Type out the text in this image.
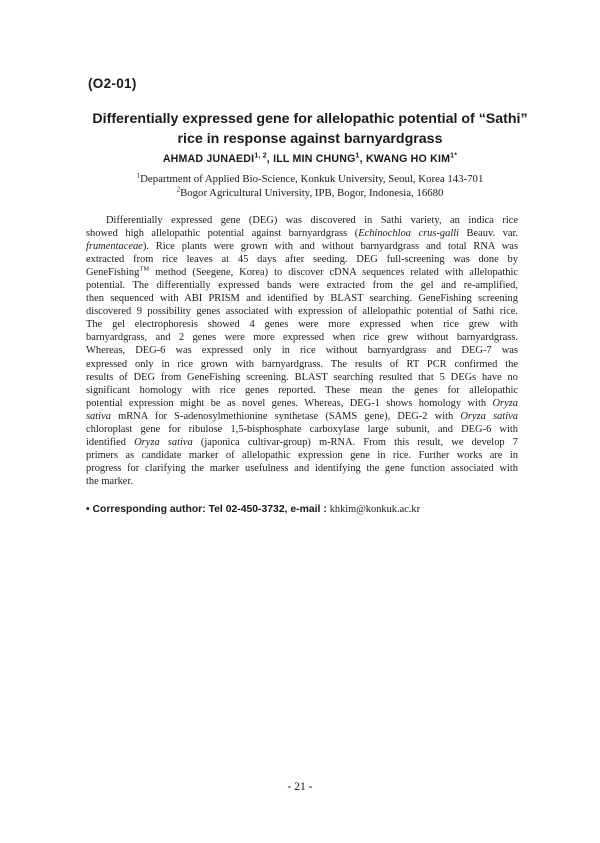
(O2-01)
Differentially expressed gene for allelopathic potential of “Sathi”
rice in response against barnyardgrass
AHMAD JUNAEDI$^{1, 2}$, ILL MIN CHUNG$^1$, KWANG HO $KIM^{1*}$
$^1$Department of Applied Bio-Science, Konkuk University, Seoul, Korea 143-701
$^2$Bogor Agricultural University, IPB, Bogor, Indonesia, 16680
Differentially expressed gene (DEG) was discovered in Sathi variety, an indica rice
showed high allelopathic potential against barnyardgrass (Echinochloa crus-galli Beauv. var.
frumentaceae). Rice plants were grown with and without barnyardgrass and total RNA was
extracted from rice leaves at 45 days after seeding. DEG full-screening was done by
GeneFishing™ method (Seegene, Korea) to discover cDNA sequences related with allelopathic
potential. The differentially expressed bands were extracted from the gel and re-amplified,
then sequenced with ABI PRISM and identified by BLAST searching. GeneFishing screening
discovered 9 possibility genes associated with expression of allelopathic potential of Sathi rice.
The gel electrophoresis showed 4 genes were more expressed when rice grew with
barnyardgrass, and 2 genes were more expressed when rice grew without barnyardgrass.
Whereas, DEG-6 was expressed only in rice without barnyardgrass and DEG-7 was
expressed only in rice grown with barnyardgrass. The results of RT PCR confirmed the
results of DEG from GeneFishing screening. BLAST searching resulted that 5 DEGs have no
significant homology with rice genes reported. These mean the genes for allelopathic
potential expression might be as novel genes. Whereas, DEG-1 shows homology with Oryza
sativa mRNA for S-adenosylmethionine synthetase (SAMS gene), DEG-2 with Oryza sativa
chloroplast gene for ribulose 1,5-bisphosphate carboxylase large subunit, and DEG-6 with
identified Oryza sativa (japonica cultivar-group) m-RNA. From this result, we develop 7
primers as candidate marker of allelopathic expression gene in rice. Further works are in
progress for clarifying the marker usefulness and identifying the gene function associated with
the marker.
• Corresponding author: Tel 02-450-3732, e-mail : khkim@konkuk.ac.kr
- 21 -
